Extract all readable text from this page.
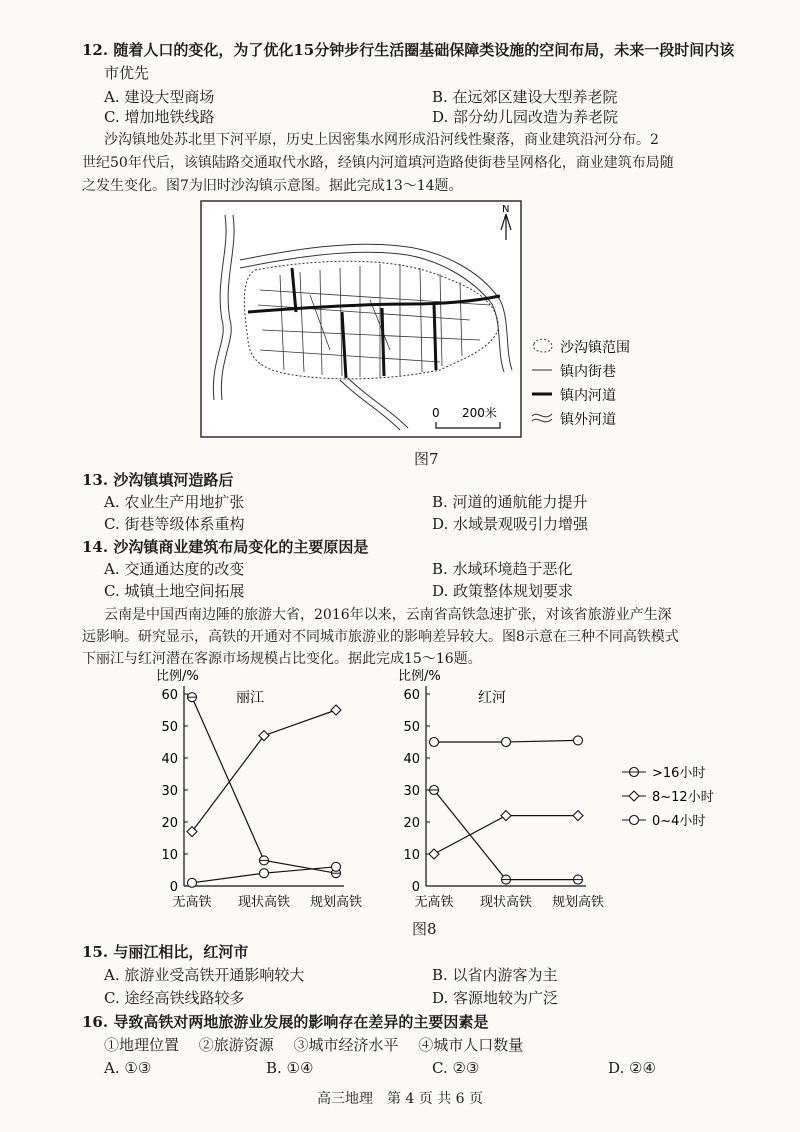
12. 随着人口的变化，为了优化15分钟步行生活圈基础保障类设施的空间布局，未来一段时间内该
市优先
A. 建设大型商场	B. 在远郊区建设大型养老院
C. 增加地铁线路	D. 部分幼儿园改造为养老院
沙沟镇地处苏北里下河平原，历史上因密集水网形成沿河线性聚落，商业建筑沿河分布。2
世纪50年代后，该镇陆路交通取代水路，经镇内河道填河造路使街巷呈网格化，商业建筑布局随
之发生变化。图7为旧时沙沟镇示意图。据此完成13～14题。
N
0 200米
沙沟镇范围
镇内街巷
镇内河道
镇外河道
图7
13. 沙沟镇填河造路后
A. 农业生产用地扩张	B. 河道的通航能力提升
C. 街巷等级体系重构	D. 水域景观吸引力增强
14. 沙沟镇商业建筑布局变化的主要原因是
A. 交通通达度的改变	B. 水域环境趋于恶化
C. 城镇土地空间拓展	D. 政策整体规划要求
云南是中国西南边陲的旅游大省，2016年以来，云南省高铁急速扩张，对该省旅游业产生深
远影响。研究显示，高铁的开通对不同城市旅游业的影响差异较大。图8示意在三种不同高铁模式
下丽江与红河潜在客源市场规模占比变化。据此完成15～16题。
比例/%
丽江
0
10
20
30
40
50
60
无高铁 现状高铁 规划高铁
比例/%
红河
0
10
20
30
40
50
60
无高铁 现状高铁 规划高铁
>16小时
8~12小时
0~4小时
图8
15. 与丽江相比，红河市
A. 旅游业受高铁开通影响较大	B. 以省内游客为主
C. 途经高铁线路较多	D. 客源地较为广泛
16. 导致高铁对两地旅游业发展的影响存在差异的主要因素是
①地理位置　 ②旅游资源　 ③城市经济水平　 ④城市人口数量
A. ①③	B. ①④	C. ②③	D. ②④
高三地理　第 4 页 共 6 页
